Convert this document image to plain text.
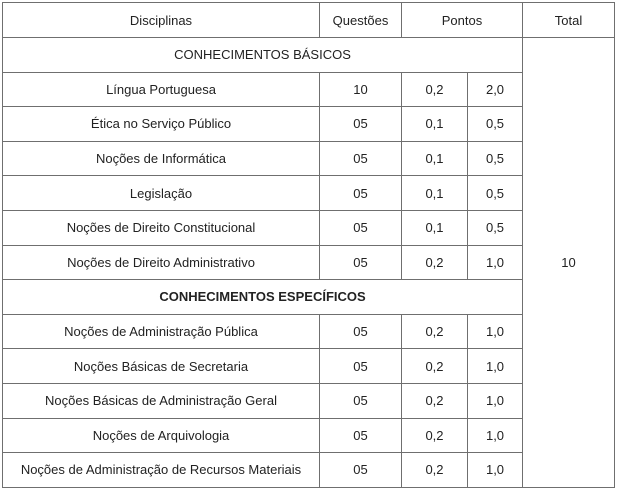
Disciplinas	Questões	Pontos		Total
CONHECIMENTOS BÁSICOS				10
Língua Portuguesa	10	0,2	2,0	
Ética no Serviço Público	05	0,1	0,5	
Noções de Informática	05	0,1	0,5	
Legislação	05	0,1	0,5	
Noções de Direito Constitucional	05	0,1	0,5	
Noções de Direito Administrativo	05	0,2	1,0	
CONHECIMENTOS ESPECÍFICOS				
Noções de Administração Pública	05	0,2	1,0	
Noções Básicas de Secretaria	05	0,2	1,0	
Noções Básicas de Administração Geral	05	0,2	1,0	
Noções de Arquivologia	05	0,2	1,0	
Noções de Administração de Recursos Materiais	05	0,2	1,0	
